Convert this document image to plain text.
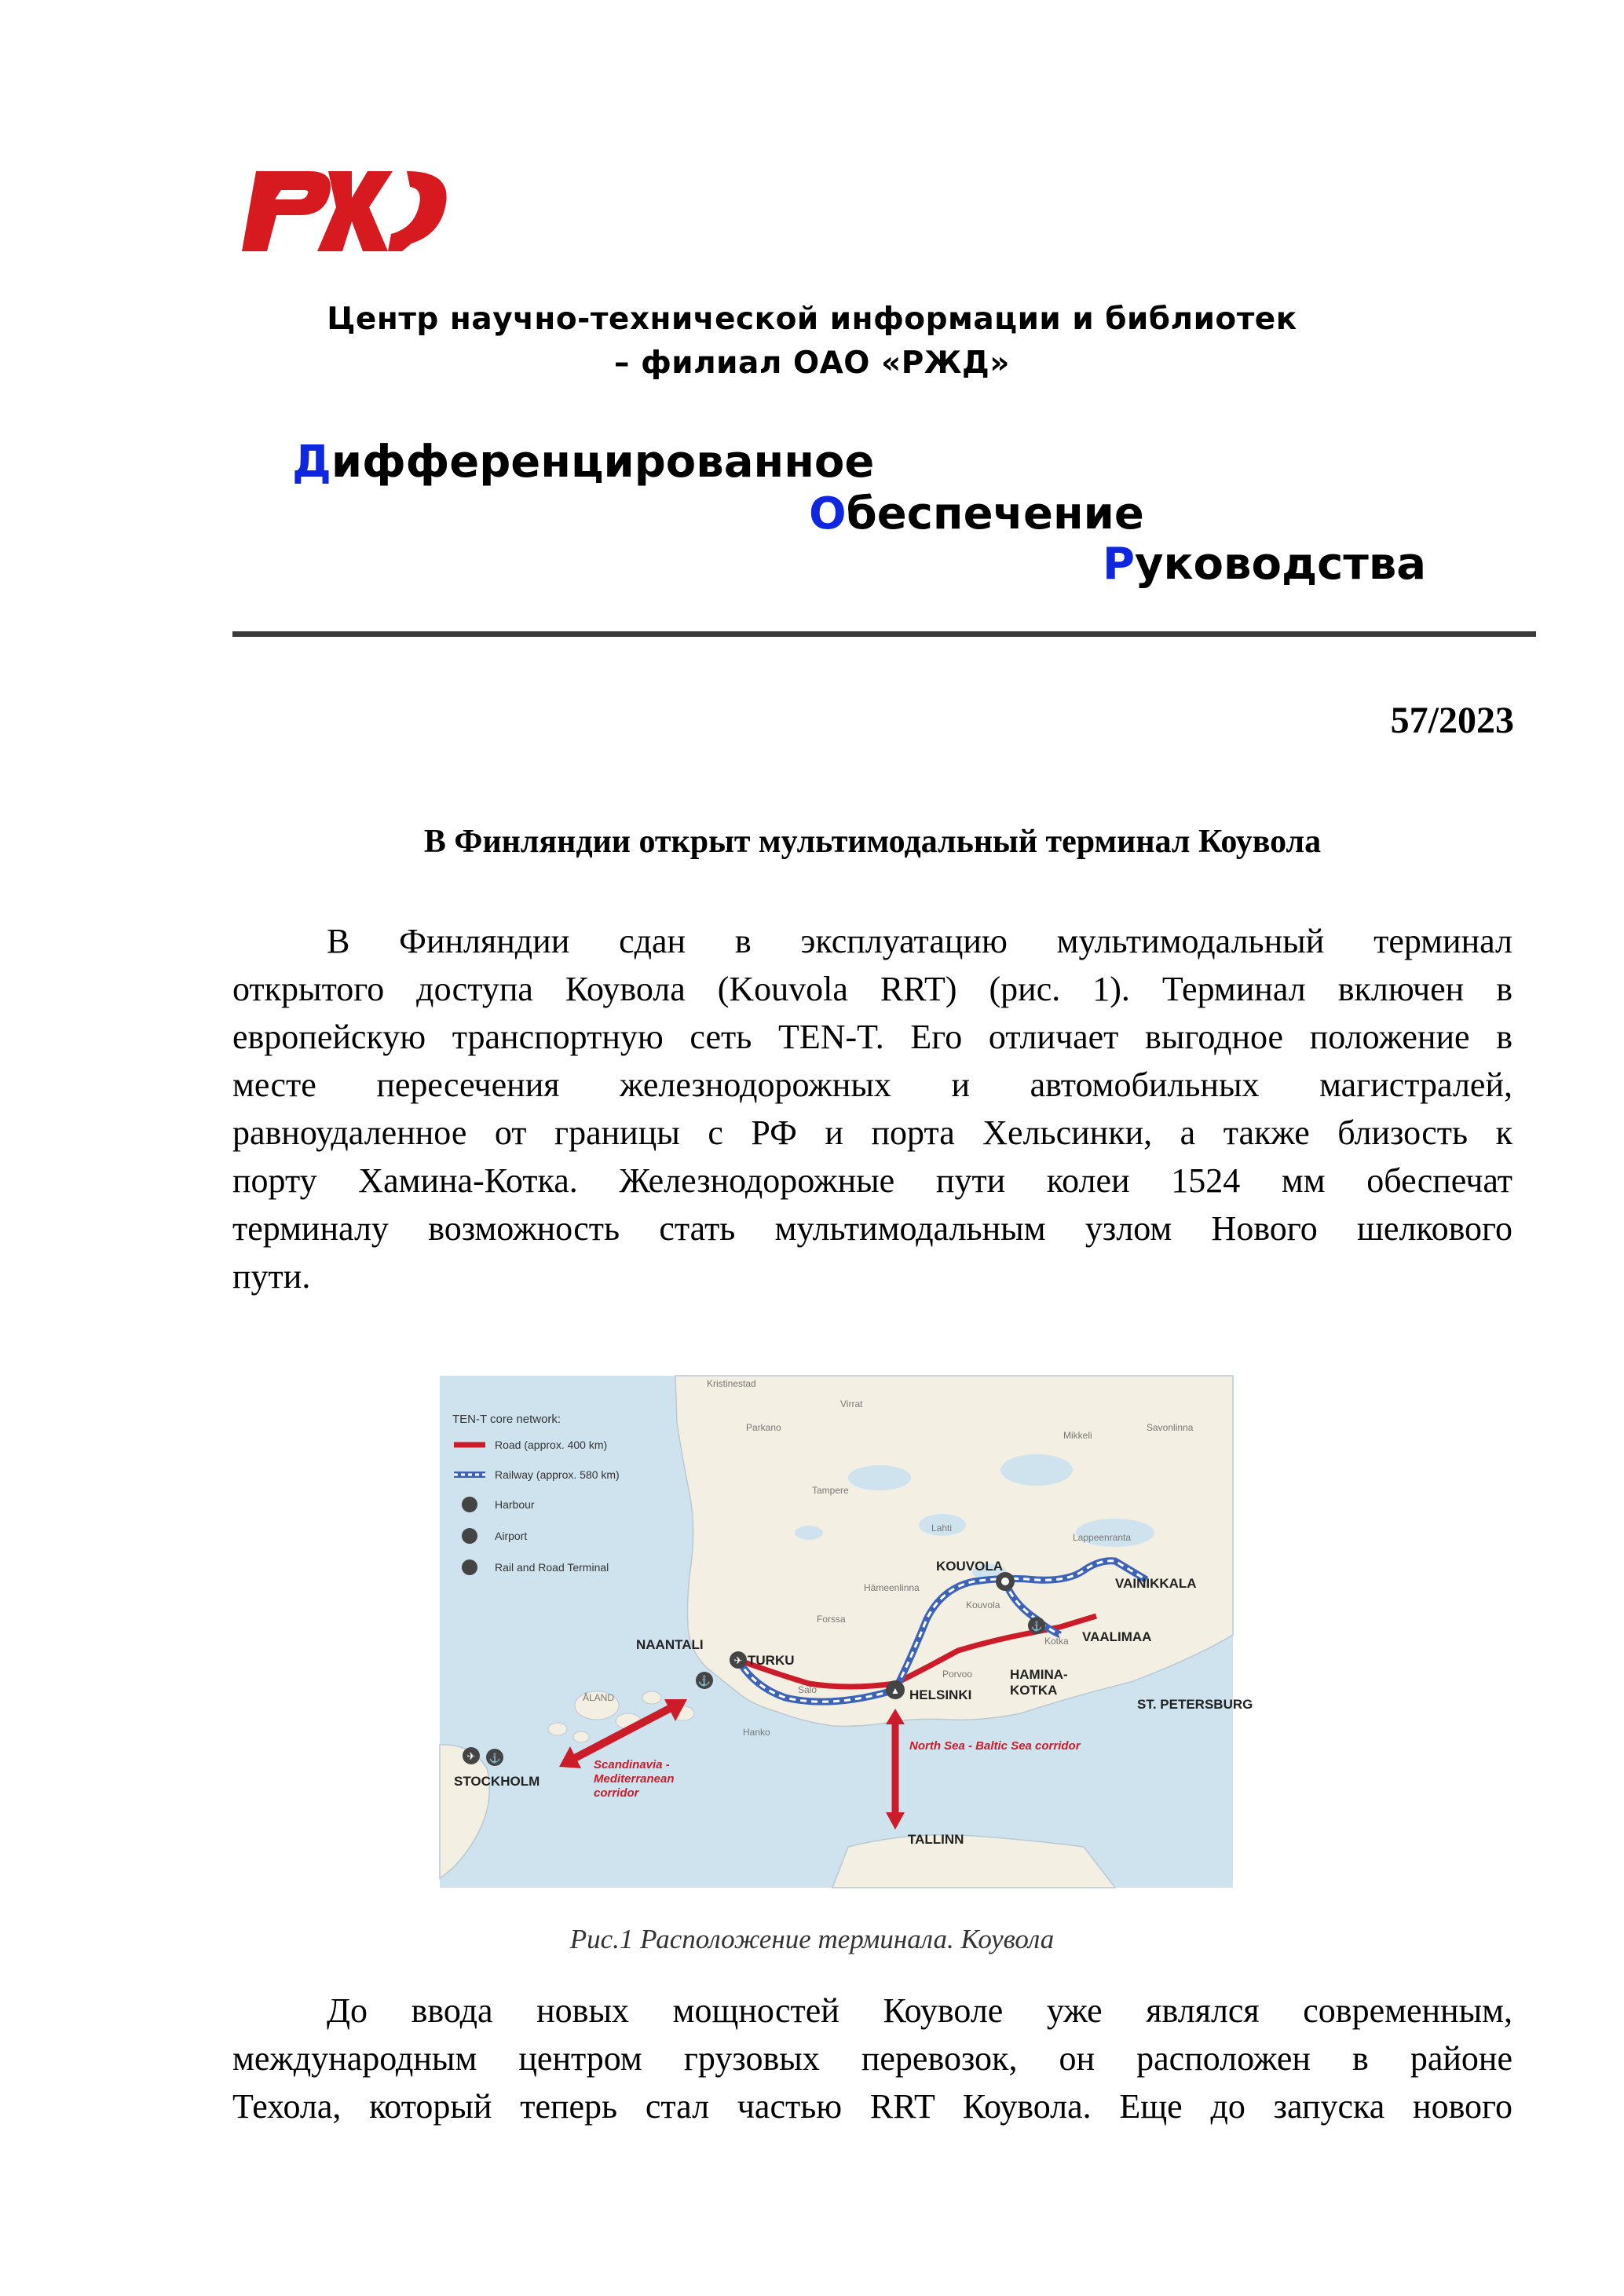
Центр научно-технической информации и библиотек
– филиал ОАО «РЖД»
Дифференцированное
Обеспечение
Руководства
57/2023
В Финляндии открыт мультимодальный терминал Коувола
В Финляндии сдан в эксплуатацию мультимодальный терминал
открытого доступа Коувола (Kouvola RRT) (рис. 1). Терминал включен в
европейскую транспортную сеть TEN-T. Его отличает выгодное положение в
месте пересечения железнодорожных и автомобильных магистралей,
равноудаленное от границы с РФ и порта Хельсинки, а также близость к
порту Хамина-Котка. Железнодорожные пути колеи 1524 мм обеспечат
терминалу возможность стать мультимодальным узлом Нового шелкового
пути.
⚓
✈
▲
⚓
✈ ⚓
TEN-T core network:
Road (approx. 400 km)
Railway (approx. 580 km)
Harbour
Airport
Rail and Road Terminal	KOUVOLA
VAINIKKALA
VAALIMAA
NAANTALI
TURKU
HELSINKI
HAMINA-
KOTKA
ST. PETERSBURG
STOCKHOLM
TALLINN
Scandinavia -
Mediterranean
corridor
North Sea - Baltic Sea corridor
Tampere
Mikkeli
Lappeenranta
Porvoo
Lahti
Hanko
Kotka
Salo
Forssa
Hämeenlinna
Kristinestad
Parkano
Virrat
Savonlinna
Kouvola
ÅLAND
Рис.1 Расположение терминала. Коувола
До ввода новых мощностей Коуволе уже являлся современным,
международным центром грузовых перевозок, он расположен в районе
Техола, который теперь стал частью RRT Коувола. Еще до запуска нового
